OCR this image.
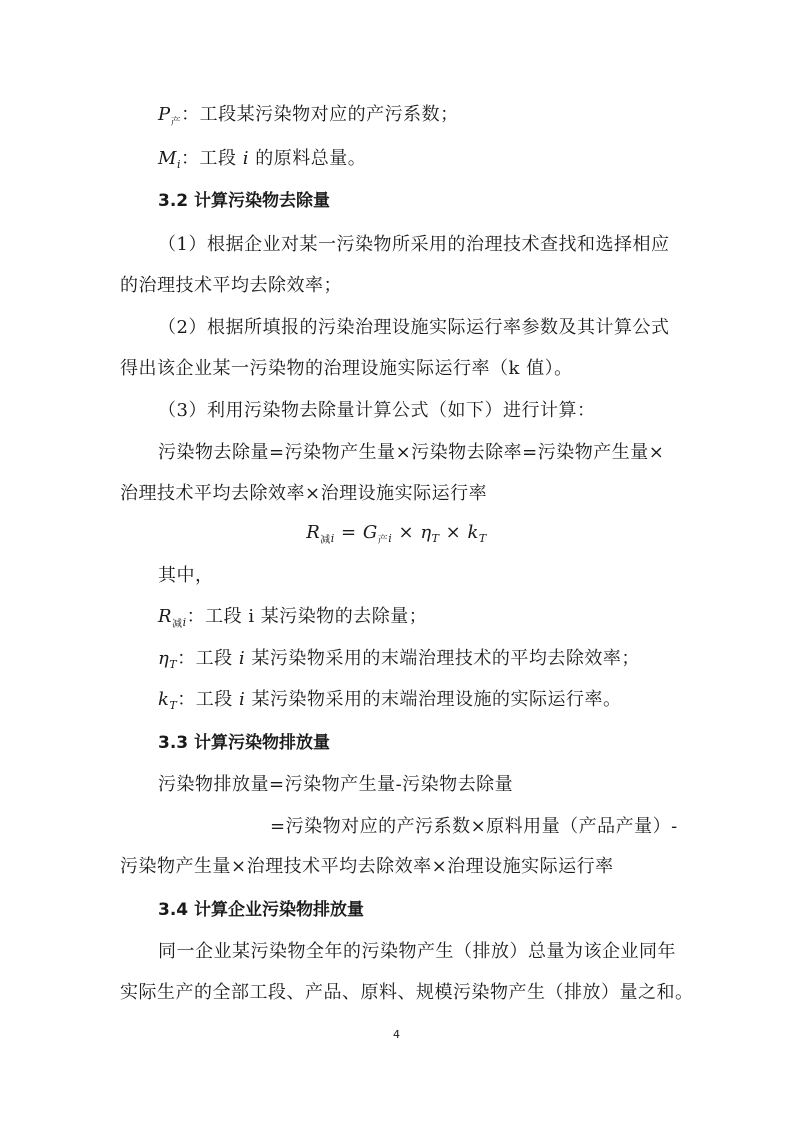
$P_产$：工段某污染物对应的产污系数；
$M_i$：工段 i 的原料总量。
3.2 计算污染物去除量
（1）根据企业对某一污染物所采用的治理技术查找和选择相应
的治理技术平均去除效率；
（2）根据所填报的污染治理设施实际运行率参数及其计算公式
得出该企业某一污染物的治理设施实际运行率（k 值）。
（3）利用污染物去除量计算公式（如下）进行计算：
污染物去除量=污染物产生量×污染物去除率=污染物产生量×
治理技术平均去除效率×治理设施实际运行率
$R_{减i} = G_{产i} \times \eta_T \times k_T$
其中，
$R_{减i}$：工段 i 某污染物的去除量；
$\eta_T$：工段 i 某污染物采用的末端治理技术的平均去除效率；
$k_T$：工段 i 某污染物采用的末端治理设施的实际运行率。
3.3 计算污染物排放量
污染物排放量=污染物产生量-污染物去除量
=污染物对应的产污系数×原料用量（产品产量）-
污染物产生量×治理技术平均去除效率×治理设施实际运行率
3.4 计算企业污染物排放量
同一企业某污染物全年的污染物产生（排放）总量为该企业同年
实际生产的全部工段、产品、原料、规模污染物产生（排放）量之和。
4
